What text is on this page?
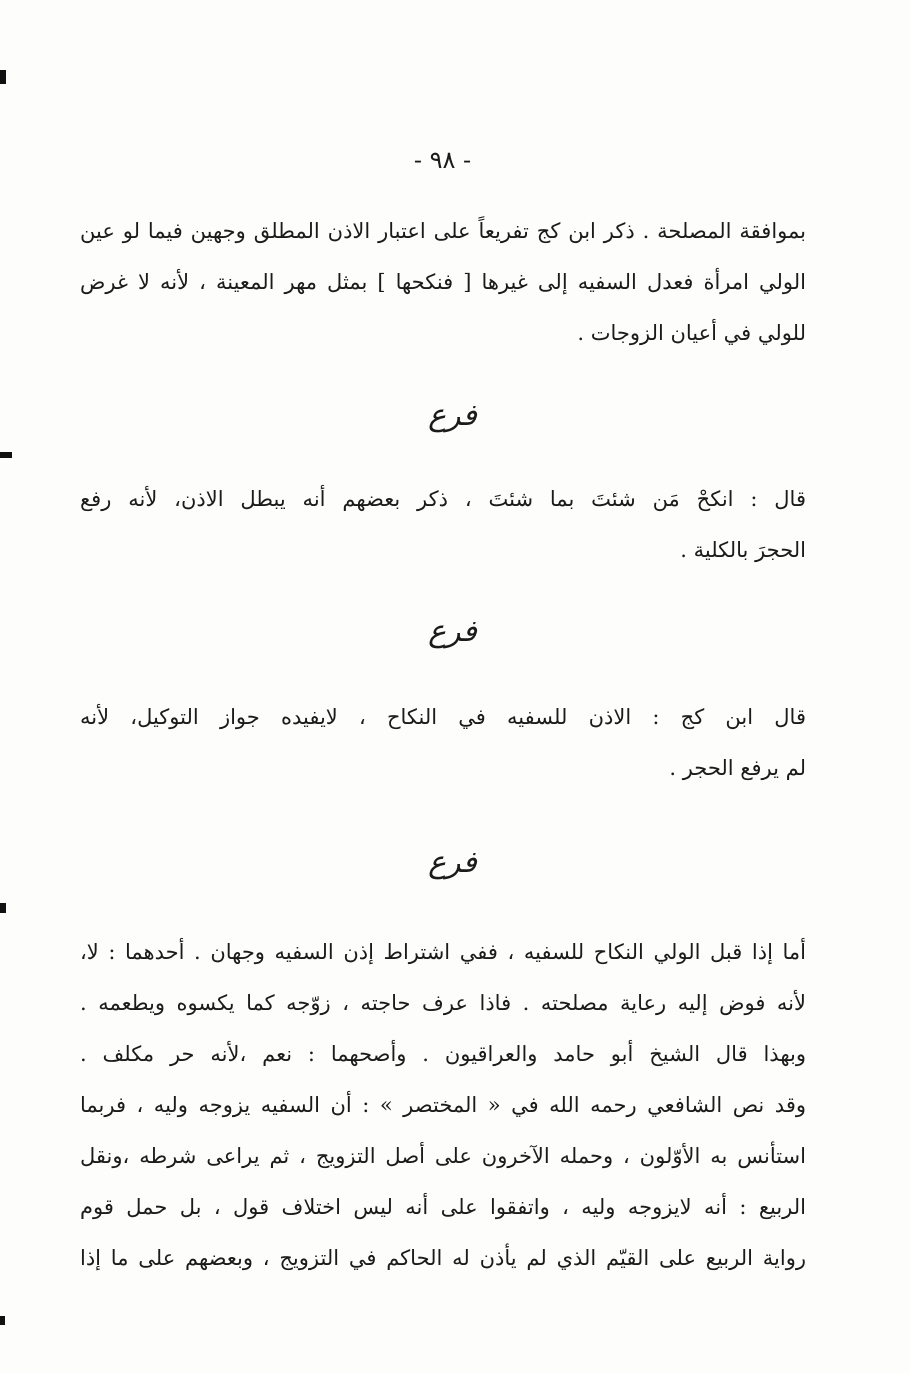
- ٩٨ -
بموافقة المصلحة . ذكر ابن كج تفريعاً على اعتبار الاذن المطلق وجهين فيما لو عين
الولي امرأة فعدل السفيه إلى غيرها [ فنكحها ] بمثل مهر المعينة ، لأنه لا غرض
للولي في أعيان الزوجات .
فرع
قال : انكحْ مَن شئتَ بما شئتَ ، ذكر بعضهم أنه يبطل الاذن، لأنه رفع
الحجرَ بالكلية .
فرع
قال ابن كج : الاذن للسفيه في النكاح ، لايفيده جواز التوكيل، لأنه
لم يرفع الحجر .
فرع
أما إذا قبل الولي النكاح للسفيه ، ففي اشتراط إذن السفيه وجهان . أحدهما : لا،
لأنه فوض إليه رعاية مصلحته . فاذا عرف حاجته ، زوّجه كما يكسوه ويطعمه .
وبهذا قال الشيخ أبو حامد والعراقيون . وأصحهما : نعم ،لأنه حر مكلف .
وقد نص الشافعي رحمه الله في « المختصر » : أن السفيه يزوجه وليه ، فربما
استأنس به الأوّلون ، وحمله الآخرون على أصل التزويج ، ثم يراعى شرطه ،ونقل
الربيع : أنه لايزوجه وليه ، واتفقوا على أنه ليس اختلاف قول ، بل حمل قوم
رواية الربيع على القيّم الذي لم يأذن له الحاكم في التزويج ، وبعضهم على ما إذا
